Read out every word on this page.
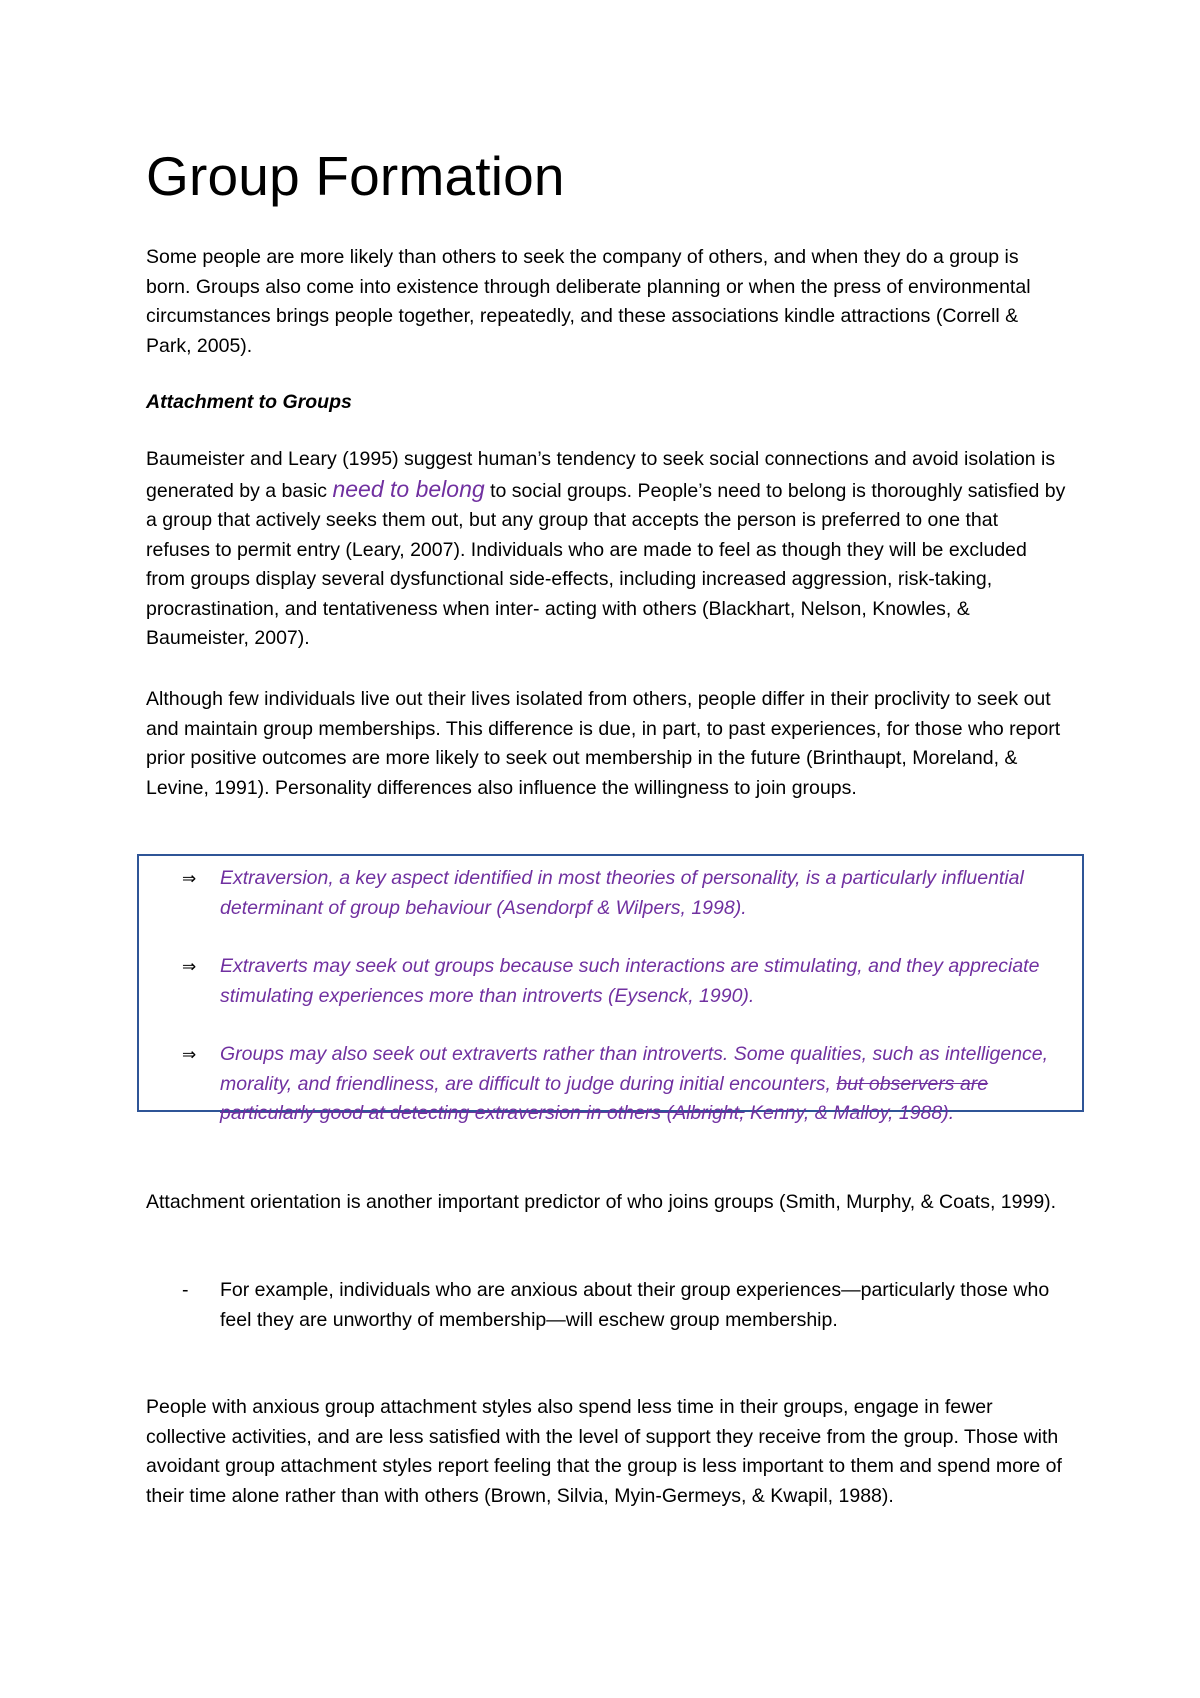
Group Formation

Some people are more likely than others to seek the company of others, and when they do a group is born. Groups also come into existence through deliberate planning or when the press of environmental circumstances brings people together, repeatedly, and these associations kindle attractions (Correll & Park, 2005).

Attachment to Groups

Baumeister and Leary (1995) suggest human’s tendency to seek social connections and avoid isolation is generated by a basic need to belong to social groups. People’s need to belong is thoroughly satisfied by a group that actively seeks them out, but any group that accepts the person is preferred to one that refuses to permit entry (Leary, 2007). Individuals who are made to feel as though they will be excluded from groups display several dysfunctional side-effects, including increased aggression, risk-taking, procrastination, and tentativeness when inter- acting with others (Blackhart, Nelson, Knowles, & Baumeister, 2007).

Although few individuals live out their lives isolated from others, people differ in their proclivity to seek out and maintain group memberships. This difference is due, in part, to past experiences, for those who report prior positive outcomes are more likely to seek out membership in the future (Brinthaupt, Moreland, & Levine, 1991). Personality differences also influence the willingness to join groups.

Attachment orientation is another important predictor of who joins groups (Smith, Murphy, & Coats, 1999).

People with anxious group attachment styles also spend less time in their groups, engage in fewer collective activities, and are less satisfied with the level of support they receive from the group. Those with avoidant group attachment styles report feeling that the group is less important to them and spend more of their time alone rather than with others (Brown, Silvia, Myin-Germeys, & Kwapil, 1988).

⇒ Extraversion, a key aspect identified in most theories of personality, is a particularly influential determinant of group behaviour (Asendorpf & Wilpers, 1998).

⇒ Extraverts may seek out groups because such interactions are stimulating, and they appreciate stimulating experiences more than introverts (Eysenck, 1990).

⇒ Groups may also seek out extraverts rather than introverts. Some qualities, such as intelligence, morality, and friendliness, are difficult to judge during initial encounters, but observers are particularly good at detecting extraversion in others (Albright, Kenny, & Malloy, 1988).

- For example, individuals who are anxious about their group experiences—particularly those who feel they are unworthy of membership—will eschew group membership.
